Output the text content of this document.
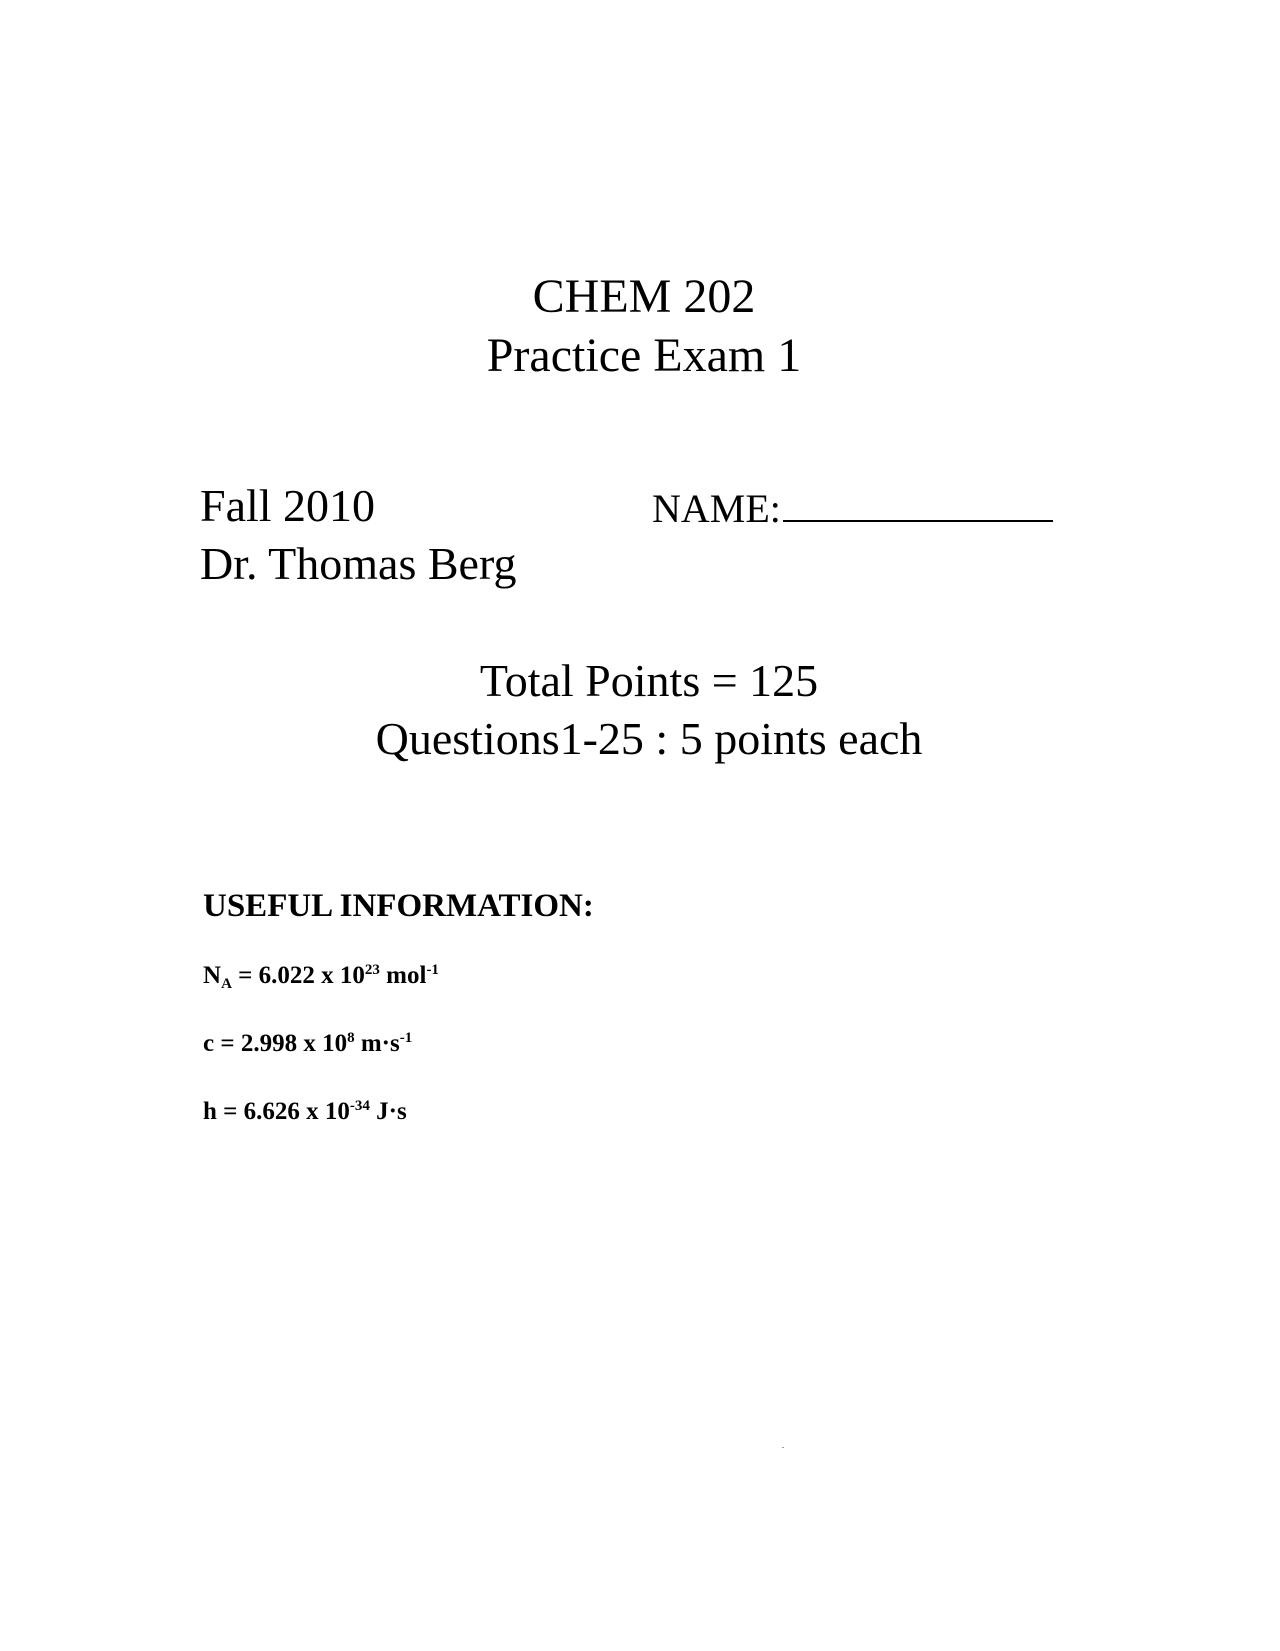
CHEM 202
Practice Exam 1
Fall 2010
Dr. Thomas Berg
NAME:
Total Points = 125
Questions1-25 : 5 points each
USEFUL INFORMATION:
$N_A = 6.022$ x $10^{23}$ mol$^{-1}$
c = 2.998 x $10^8$ $m\cdot s^{-1}$
h = 6.626 x $10^{-34}$ J·s
